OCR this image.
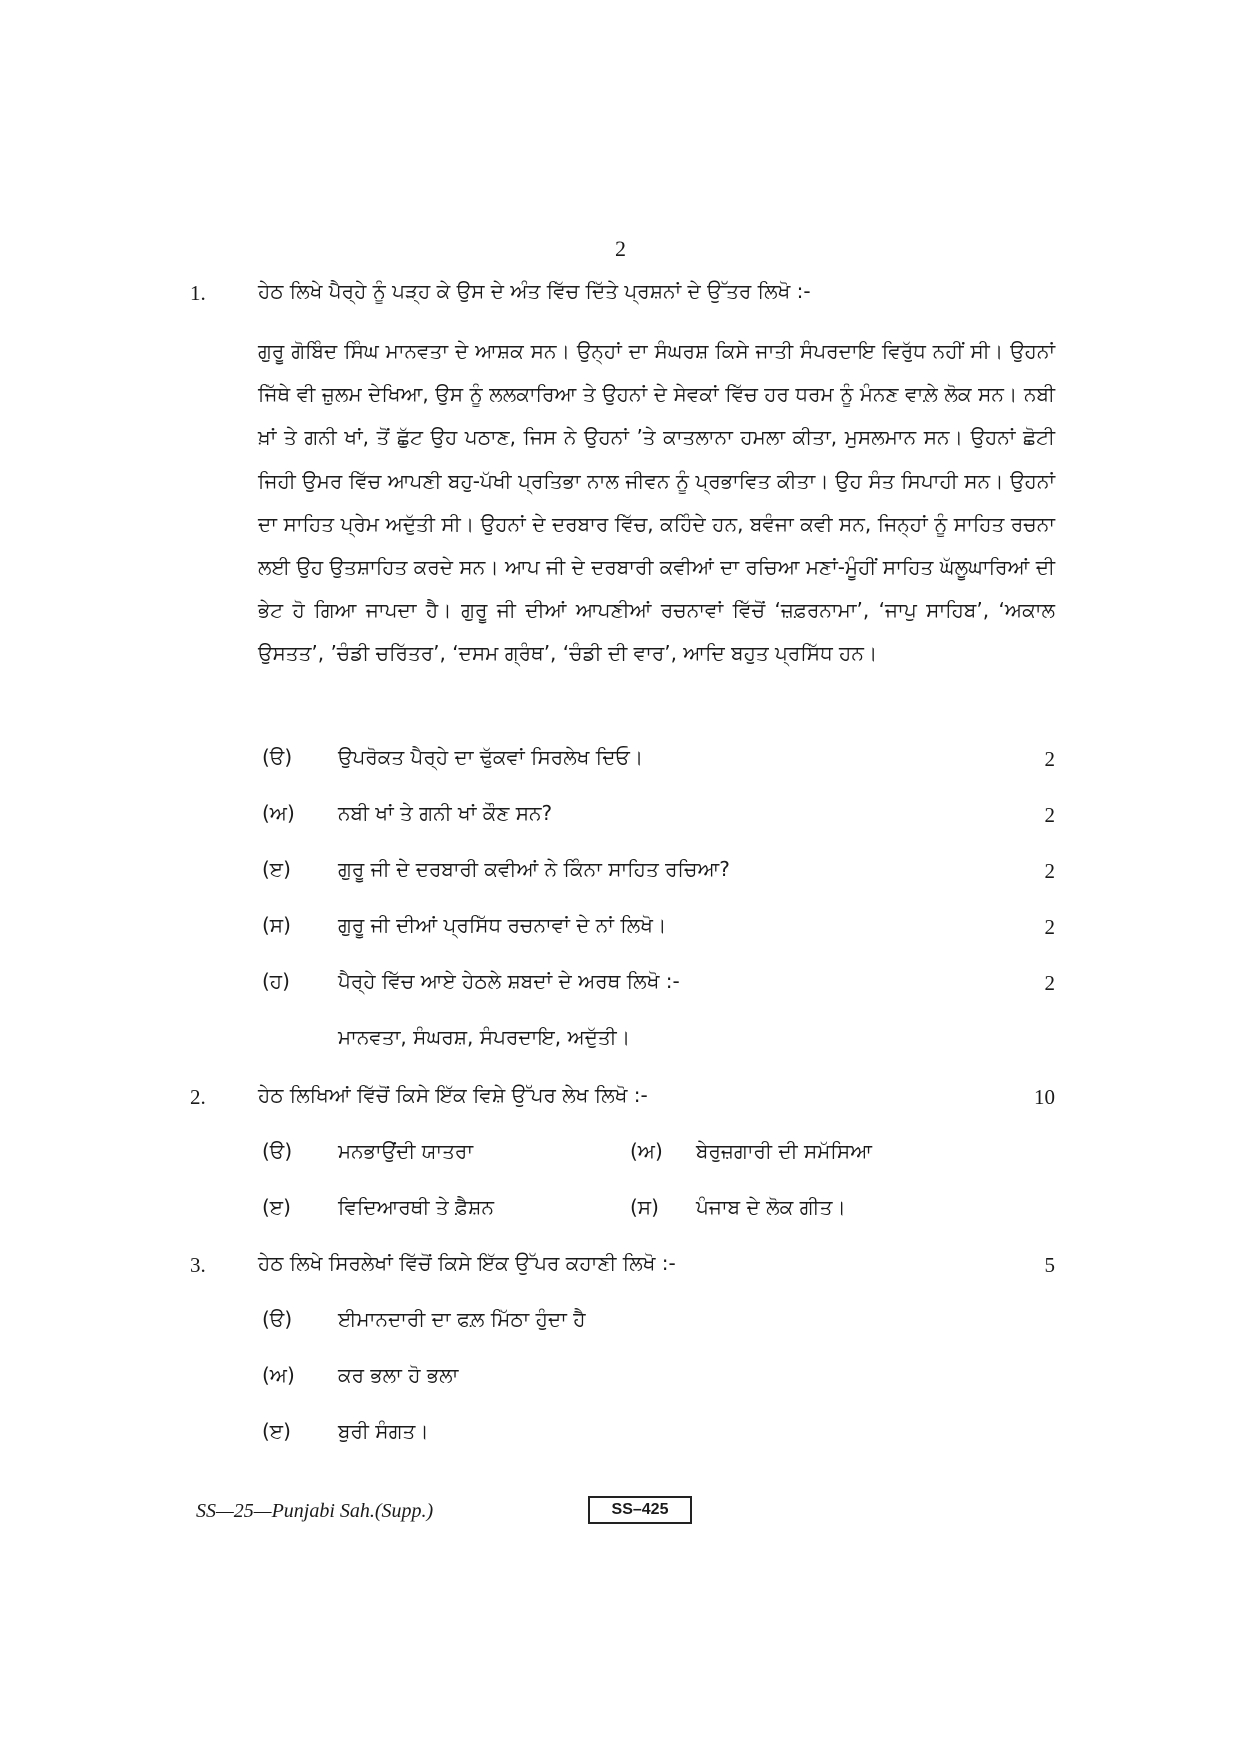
2
1.	ਹੇਠ ਲਿਖੇ ਪੈਰ੍ਹੇ ਨੂੰ ਪੜ੍ਹ ਕੇ ਉਸ ਦੇ ਅੰਤ ਵਿੱਚ ਦਿੱਤੇ ਪ੍ਰਸ਼ਨਾਂ ਦੇ ਉੱਤਰ ਲਿਖੋ :-
ਗੁਰੂ ਗੋਬਿੰਦ ਸਿੰਘ ਮਾਨਵਤਾ ਦੇ ਆਸ਼ਕ ਸਨ। ਉਨ੍ਹਾਂ ਦਾ ਸੰਘਰਸ਼ ਕਿਸੇ ਜਾਤੀ ਸੰਪਰਦਾਇ ਵਿਰੁੱਧ ਨਹੀਂ ਸੀ। ਉਹਨਾਂ ਜਿੱਥੇ ਵੀ ਜ਼ੁਲਮ ਦੇਖਿਆ, ਉਸ ਨੂੰ ਲਲਕਾਰਿਆ ਤੇ ਉਹਨਾਂ ਦੇ ਸੇਵਕਾਂ ਵਿੱਚ ਹਰ ਧਰਮ ਨੂੰ ਮੰਨਣ ਵਾਲ਼ੇ ਲੋਕ ਸਨ। ਨਬੀ ਖ਼ਾਂ ਤੇ ਗਨੀ ਖਾਂ, ਤੋਂ ਛੁੱਟ ਉਹ ਪਠਾਣ, ਜਿਸ ਨੇ ਉਹਨਾਂ ’ਤੇ ਕਾਤਲਾਨਾ ਹਮਲਾ ਕੀਤਾ, ਮੁਸਲਮਾਨ ਸਨ। ਉਹਨਾਂ ਛੋਟੀ ਜਿਹੀ ਉਮਰ ਵਿੱਚ ਆਪਣੀ ਬਹੁ-ਪੱਖੀ ਪ੍ਰਤਿਭਾ ਨਾਲ ਜੀਵਨ ਨੂੰ ਪ੍ਰਭਾਵਿਤ ਕੀਤਾ। ਉਹ ਸੰਤ ਸਿਪਾਹੀ ਸਨ। ਉਹਨਾਂ ਦਾ ਸਾਹਿਤ ਪ੍ਰੇਮ ਅਦੁੱਤੀ ਸੀ। ਉਹਨਾਂ ਦੇ ਦਰਬਾਰ ਵਿੱਚ, ਕਹਿੰਦੇ ਹਨ, ਬਵੰਜਾ ਕਵੀ ਸਨ, ਜਿਨ੍ਹਾਂ ਨੂੰ ਸਾਹਿਤ ਰਚਨਾ ਲਈ ਉਹ ਉਤਸ਼ਾਹਿਤ ਕਰਦੇ ਸਨ। ਆਪ ਜੀ ਦੇ ਦਰਬਾਰੀ ਕਵੀਆਂ ਦਾ ਰਚਿਆ ਮਣਾਂ-ਮੂੰਹੀਂ ਸਾਹਿਤ ਘੱਲੂਘਾਰਿਆਂ ਦੀ ਭੇਟ ਹੋ ਗਿਆ ਜਾਪਦਾ ਹੈ। ਗੁਰੂ ਜੀ ਦੀਆਂ ਆਪਣੀਆਂ ਰਚਨਾਵਾਂ ਵਿੱਚੋਂ ‘ਜ਼ਫ਼ਰਨਾਮਾ’, ‘ਜਾਪੁ ਸਾਹਿਬ’, ‘ਅਕਾਲ ਉਸਤਤ’, ’ਚੰਡੀ ਚਰਿੱਤਰ’, ‘ਦਸਮ ਗ੍ਰੰਥ’, ‘ਚੰਡੀ ਦੀ ਵਾਰ’, ਆਦਿ ਬਹੁਤ ਪ੍ਰਸਿੱਧ ਹਨ।
(ੳ) ਉਪਰੋਕਤ ਪੈਰ੍ਹੇ ਦਾ ਢੁੱਕਵਾਂ ਸਿਰਲੇਖ ਦਿਓ।	2
(ਅ) ਨਬੀ ਖਾਂ ਤੇ ਗਨੀ ਖਾਂ ਕੌਣ ਸਨ?	2
(ੲ) ਗੁਰੂ ਜੀ ਦੇ ਦਰਬਾਰੀ ਕਵੀਆਂ ਨੇ ਕਿੰਨਾ ਸਾਹਿਤ ਰਚਿਆ?	2
(ਸ) ਗੁਰੂ ਜੀ ਦੀਆਂ ਪ੍ਰਸਿੱਧ ਰਚਨਾਵਾਂ ਦੇ ਨਾਂ ਲਿਖੋ।	2
(ਹ) ਪੈਰ੍ਹੇ ਵਿੱਚ ਆਏ ਹੇਠਲੇ ਸ਼ਬਦਾਂ ਦੇ ਅਰਥ ਲਿਖੋ :-	2
ਮਾਨਵਤਾ, ਸੰਘਰਸ਼, ਸੰਪਰਦਾਇ, ਅਦੁੱਤੀ।
2.	ਹੇਠ ਲਿਖਿਆਂ ਵਿੱਚੋਂ ਕਿਸੇ ਇੱਕ ਵਿਸ਼ੇ ਉੱਪਰ ਲੇਖ ਲਿਖੋ :-	10
(ੳ) ਮਨਭਾਉਂਦੀ ਯਾਤਰਾ	(ਅ) ਬੇਰੁਜ਼ਗਾਰੀ ਦੀ ਸਮੱਸਿਆ
(ੲ) ਵਿਦਿਆਰਥੀ ਤੇ ਫ਼ੈਸ਼ਨ	(ਸ) ਪੰਜਾਬ ਦੇ ਲੋਕ ਗੀਤ।
3.	ਹੇਠ ਲਿਖੇ ਸਿਰਲੇਖਾਂ ਵਿੱਚੋਂ ਕਿਸੇ ਇੱਕ ਉੱਪਰ ਕਹਾਣੀ ਲਿਖੋ :-	5
(ੳ) ਈਮਾਨਦਾਰੀ ਦਾ ਫਲ਼ ਮਿੱਠਾ ਹੁੰਦਾ ਹੈ
(ਅ) ਕਰ ਭਲਾ ਹੋ ਭਲਾ
(ੲ) ਬੁਰੀ ਸੰਗਤ।
SS—25—Punjabi Sah.(Supp.)	SS–425
